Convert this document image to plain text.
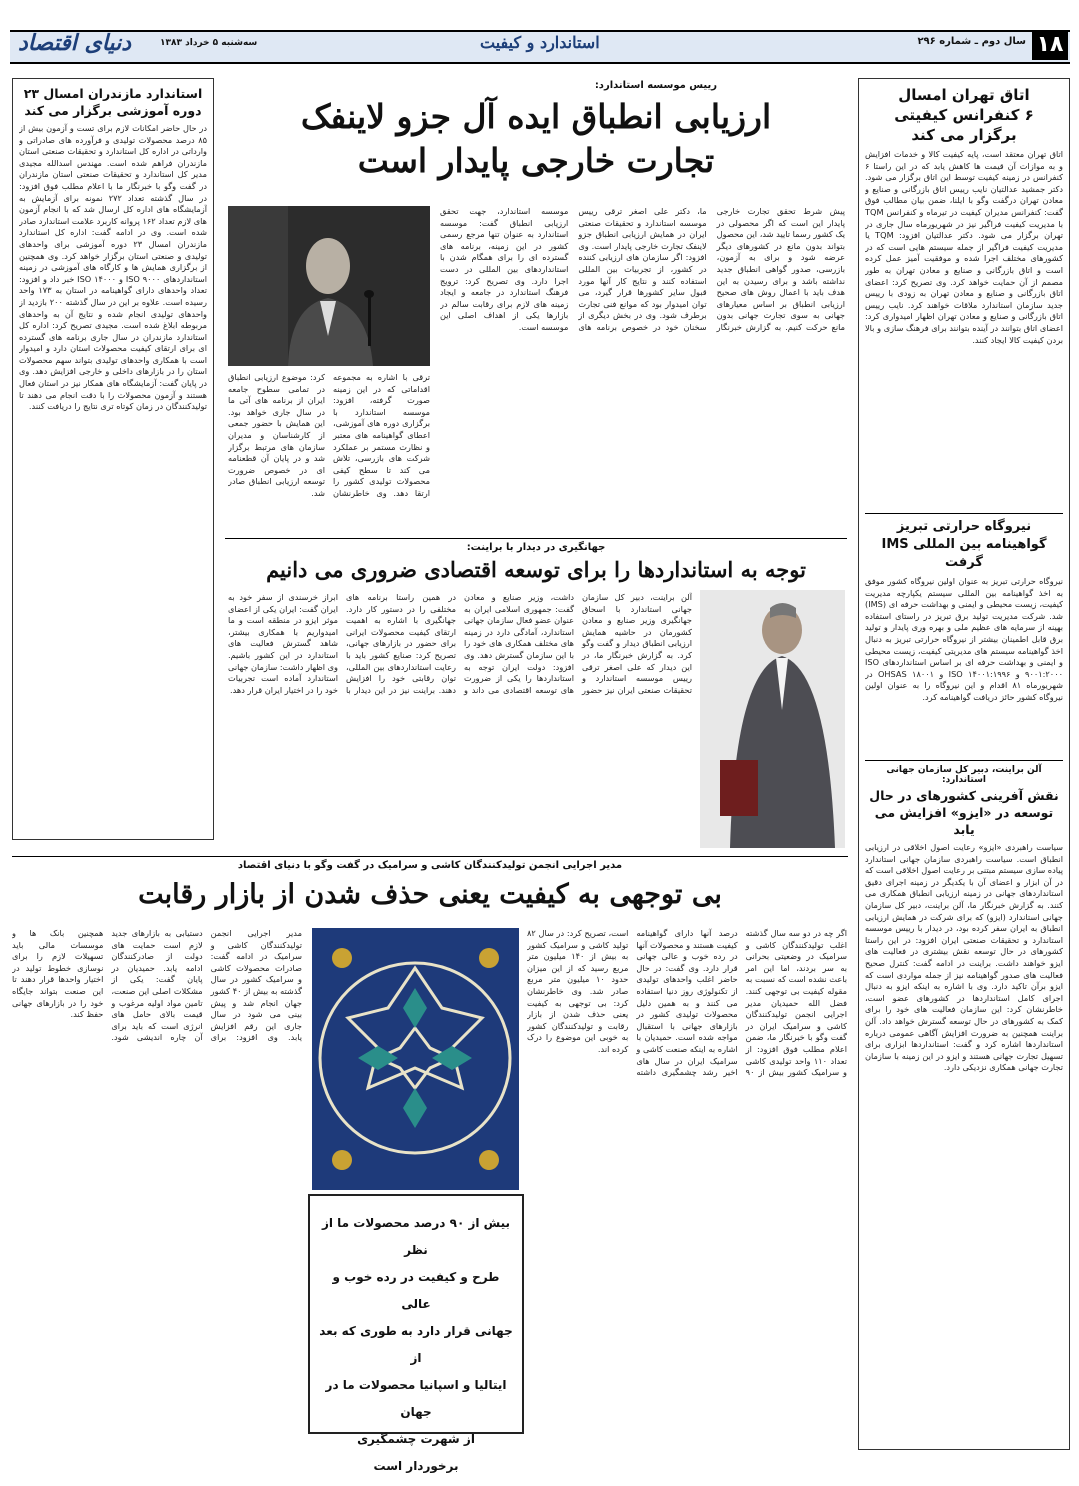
۱۸
سال دوم ـ شماره ۲۹۶
استاندارد و کیفیت
سه‌شنبه ۵ خرداد ۱۳۸۳
دنیای اقتصاد
اتاق تهران امسال
۶ کنفرانس کیفیتی
برگزار می کند
اتاق تهران معتقد است، پایه کیفیت کالا و خدمات افزایش و به موازات آن قیمت ها کاهش یابد که در این راستا ۶ کنفرانس در زمینه کیفیت توسط این اتاق برگزار می شود. دکتر جمشید عدالتیان نایب رییس اتاق بازرگانی و صنایع و معادن تهران درگفت وگو با ایلنا، ضمن بیان مطالب فوق گفت: کنفرانس مدیران کیفیت در تیرماه و کنفرانس TQM با مدیریت کیفیت فراگیر نیز در شهریورماه سال جاری در تهران برگزار می شود. دکتر عدالتیان افزود: TQM یا مدیریت کیفیت فراگیر از جمله سیستم هایی است که در کشورهای مختلف اجرا شده و موفقیت آمیز عمل کرده است و اتاق بازرگانی و صنایع و معادن تهران به طور مصمم از آن حمایت خواهد کرد. وی تصریح کرد: اعضای اتاق بازرگانی و صنایع و معادن تهران به زودی با رییس جدید سازمان استاندارد ملاقات خواهند کرد. نایب رییس اتاق بازرگانی و صنایع و معادن تهران اظهار امیدواری کرد: اعضای اتاق بتوانند در آینده بتوانند برای فرهنگ سازی و بالا بردن کیفیت کالا ایجاد کنند.
نیروگاه حرارتی تبریز گواهینامه بین المللی IMS گرفت
نیروگاه حرارتی تبریز به عنوان اولین نیروگاه کشور موفق به اخذ گواهینامه بین المللی سیستم یکپارچه مدیریت کیفیت، زیست محیطی و ایمنی و بهداشت حرفه ای (IMS) شد. شرکت مدیریت تولید برق تبریز در راستای استفاده بهینه از سرمایه های عظیم ملی و بهره وری پایدار و تولید برق قابل اطمینان بیشتر از نیروگاه حرارتی تبریز به دنبال اخذ گواهینامه سیستم های مدیریتی کیفیت، زیست محیطی و ایمنی و بهداشت حرفه ای بر اساس استانداردهای ISO ۹۰۰۱:۲۰۰۰ و ISO ۱۴۰۰۱:۱۹۹۶ و OHSAS ۱۸۰۰۱ در شهریورماه ۸۱ اقدام و این نیروگاه را به عنوان اولین نیروگاه کشور حائز دریافت گواهینامه کرد.
آلن براینت، دبیر کل سازمان جهانی استاندارد:
نقش آفرینی کشورهای در حال توسعه در «ایزو» افزایش می یابد
سیاست راهبردی «ایزو» رعایت اصول اخلاقی در ارزیابی انطباق است. سیاست راهبردی سازمان جهانی استاندارد پیاده سازی سیستم مبتنی بر رعایت اصول اخلاقی است که در آن ابزار و اعضای آن با یکدیگر در زمینه اجرای دقیق استانداردهای جهانی در زمینه ارزیابی انطباق همکاری می کنند. به گزارش خبرنگار ما، آلن براینت، دبیر کل سازمان جهانی استاندارد (ایزو) که برای شرکت در همایش ارزیابی انطباق به ایران سفر کرده بود، در دیدار با رییس موسسه استاندارد و تحقیقات صنعتی ایران افزود: در این راستا کشورهای در حال توسعه نقش بیشتری در فعالیت های ایزو خواهند داشت. براینت در ادامه گفت: کنترل صحیح فعالیت های صدور گواهینامه نیز از جمله مواردی است که ایزو برآن تاکید دارد. وی با اشاره به اینکه ایزو به دنبال اجرای کامل استانداردها در کشورهای عضو است، خاطرنشان کرد: این سازمان فعالیت های خود را برای کمک به کشورهای در حال توسعه گسترش خواهد داد. آلن براینت همچنین به ضرورت افزایش آگاهی عمومی درباره استانداردها اشاره کرد و گفت: استانداردها ابزاری برای تسهیل تجارت جهانی هستند و ایزو در این زمینه با سازمان تجارت جهانی همکاری نزدیکی دارد.
استاندارد مازندران امسال ۲۳ دوره آموزشی برگزار می کند
در حال حاضر امکانات لازم برای تست و آزمون بیش از ۸۵ درصد محصولات تولیدی و فرآورده های صادراتی و وارداتی در اداره کل استاندارد و تحقیقات صنعتی استان مازندران فراهم شده است. مهندس اسدالله مجیدی مدیر کل استاندارد و تحقیقات صنعتی استان مازندران در گفت وگو با خبرنگار ما با اعلام مطلب فوق افزود: در سال گذشته تعداد ۲۷۲ نمونه برای آزمایش به آزمایشگاه های اداره کل ارسال شد که با انجام آزمون های لازم تعداد ۱۶۲ پروانه کاربرد علامت استاندارد صادر شده است. وی در ادامه گفت: اداره کل استاندارد مازندران امسال ۲۳ دوره آموزشی برای واحدهای تولیدی و صنعتی استان برگزار خواهد کرد. وی همچنین از برگزاری همایش ها و کارگاه های آموزشی در زمینه استانداردهای ISO ۹۰۰۰ و ISO ۱۴۰۰۰ خبر داد و افزود: تعداد واحدهای دارای گواهینامه در استان به ۱۷۳ واحد رسیده است. علاوه بر این در سال گذشته ۲۰۰ بازدید از واحدهای تولیدی انجام شده و نتایج آن به واحدهای مربوطه ابلاغ شده است. مجیدی تصریح کرد: اداره کل استاندارد مازندران در سال جاری برنامه های گسترده ای برای ارتقای کیفیت محصولات استان دارد و امیدوار است با همکاری واحدهای تولیدی بتواند سهم محصولات استان را در بازارهای داخلی و خارجی افزایش دهد. وی در پایان گفت: آزمایشگاه های همکار نیز در استان فعال هستند و آزمون محصولات را با دقت انجام می دهند تا تولیدکنندگان در زمان کوتاه تری نتایج را دریافت کنند.
رییس موسسه استاندارد:
ارزیابی انطباق ایده آل جزو لاینفک تجارت خارجی پایدار است
پیش شرط تحقق تجارت خارجی پایدار این است که اگر محصولی در یک کشور رسما تایید شد، این محصول بتواند بدون مانع در کشورهای دیگر عرضه شود و برای به آزمون، بازرسی، صدور گواهی انطباق جدید نداشته باشد و برای رسیدن به این هدف باید با اعمال روش های صحیح ارزیابی انطباق بر اساس معیارهای جهانی به سوی تجارت جهانی بدون مانع حرکت کنیم. به گزارش خبرنگار ما، دکتر علی اصغر ترقی رییس موسسه استاندارد و تحقیقات صنعتی ایران در همایش ارزیابی انطباق جزو لاینفک تجارت خارجی پایدار است. وی افزود: اگر سازمان های ارزیابی کننده در کشور، از تجربیات بین المللی استفاده کنند و نتایج کار آنها مورد قبول سایر کشورها قرار گیرد، می توان امیدوار بود که موانع فنی تجارت برطرف شود. وی در بخش دیگری از سخنان خود در خصوص برنامه های موسسه استاندارد، جهت تحقق ارزیابی انطباق گفت: موسسه استاندارد به عنوان تنها مرجع رسمی کشور در این زمینه، برنامه های گسترده ای را برای همگام شدن با استانداردهای بین المللی در دست اجرا دارد. وی تصریح کرد: ترویج فرهنگ استاندارد در جامعه و ایجاد زمینه های لازم برای رقابت سالم در بازارها یکی از اهداف اصلی این موسسه است.
ترقی با اشاره به مجموعه اقداماتی که در این زمینه صورت گرفته، افزود: موسسه استاندارد با برگزاری دوره های آموزشی، اعطای گواهینامه های معتبر و نظارت مستمر بر عملکرد شرکت های بازرسی، تلاش می کند تا سطح کیفی محصولات تولیدی کشور را ارتقا دهد. وی خاطرنشان کرد: موضوع ارزیابی انطباق در تمامی سطوح جامعه ایران از برنامه های آتی ما در سال جاری خواهد بود. این همایش با حضور جمعی از کارشناسان و مدیران سازمان های مرتبط برگزار شد و در پایان آن قطعنامه ای در خصوص ضرورت توسعه ارزیابی انطباق صادر شد.
جهانگیری در دیدار با براینت:
توجه به استانداردها را برای توسعه اقتصادی ضروری می دانیم
آلن براینت، دبیر کل سازمان جهانی استاندارد با اسحاق جهانگیری وزیر صنایع و معادن کشورمان در حاشیه همایش ارزیابی انطباق دیدار و گفت وگو کرد. به گزارش خبرنگار ما، در این دیدار که علی اصغر ترقی رییس موسسه استاندارد و تحقیقات صنعتی ایران نیز حضور داشت، وزیر صنایع و معادن گفت: جمهوری اسلامی ایران به عنوان عضو فعال سازمان جهانی استاندارد، آمادگی دارد در زمینه های مختلف همکاری های خود را با این سازمان گسترش دهد. وی افزود: دولت ایران توجه به استانداردها را یکی از ضرورت های توسعه اقتصادی می داند و در همین راستا برنامه های مختلفی را در دستور کار دارد. جهانگیری با اشاره به اهمیت ارتقای کیفیت محصولات ایرانی برای حضور در بازارهای جهانی، تصریح کرد: صنایع کشور باید با رعایت استانداردهای بین المللی، توان رقابتی خود را افزایش دهند. براینت نیز در این دیدار با ابراز خرسندی از سفر خود به ایران گفت: ایران یکی از اعضای موثر ایزو در منطقه است و ما امیدواریم با همکاری بیشتر، شاهد گسترش فعالیت های استاندارد در این کشور باشیم. وی اظهار داشت: سازمان جهانی استاندارد آماده است تجربیات خود را در اختیار ایران قرار دهد.
مدیر اجرایی انجمن تولیدکنندگان کاشی و سرامیک در گفت وگو با دنیای اقتصاد
بی توجهی به کیفیت یعنی حذف شدن از بازار رقابت
اگر چه در دو سه سال گذشته اغلب تولیدکنندگان کاشی و سرامیک در وضعیتی بحرانی به سر بردند، اما این امر باعث نشده است که نسبت به مقوله کیفیت بی توجهی کنند. فضل الله حمیدیان مدیر اجرایی انجمن تولیدکنندگان کاشی و سرامیک ایران در گفت وگو با خبرنگار ما، ضمن اعلام مطلب فوق افزود: از تعداد ۱۱۰ واحد تولیدی کاشی و سرامیک کشور بیش از ۹۰ درصد آنها دارای گواهینامه کیفیت هستند و محصولات آنها در رده خوب و عالی جهانی قرار دارد. وی گفت: در حال حاضر اغلب واحدهای تولیدی از تکنولوژی روز دنیا استفاده می کنند و به همین دلیل محصولات تولیدی کشور در بازارهای جهانی با استقبال مواجه شده است. حمیدیان با اشاره به اینکه صنعت کاشی و سرامیک ایران در سال های اخیر رشد چشمگیری داشته است، تصریح کرد: در سال ۸۲ تولید کاشی و سرامیک کشور به بیش از ۱۴۰ میلیون متر مربع رسید که از این میزان حدود ۱۰ میلیون متر مربع صادر شد. وی خاطرنشان کرد: بی توجهی به کیفیت یعنی حذف شدن از بازار رقابت و تولیدکنندگان کشور به خوبی این موضوع را درک کرده اند.
بیش از ۹۰ درصد محصولات ما از نظر
طرح و کیفیت در رده خوب و عالی
جهانی قرار دارد به طوری که بعد از
ایتالیا و اسپانیا محصولات ما در جهان
از شهرت چشمگیری
برخوردار است
مدیر اجرایی انجمن تولیدکنندگان کاشی و سرامیک در ادامه گفت: صادرات محصولات کاشی و سرامیک کشور در سال گذشته به بیش از ۴۰ کشور جهان انجام شد و پیش بینی می شود در سال جاری این رقم افزایش یابد. وی افزود: برای دستیابی به بازارهای جدید لازم است حمایت های دولت از صادرکنندگان ادامه یابد. حمیدیان در پایان گفت: یکی از مشکلات اصلی این صنعت، تامین مواد اولیه مرغوب و قیمت بالای حامل های انرژی است که باید برای آن چاره اندیشی شود. همچنین بانک ها و موسسات مالی باید تسهیلات لازم را برای نوسازی خطوط تولید در اختیار واحدها قرار دهند تا این صنعت بتواند جایگاه خود را در بازارهای جهانی حفظ کند.
